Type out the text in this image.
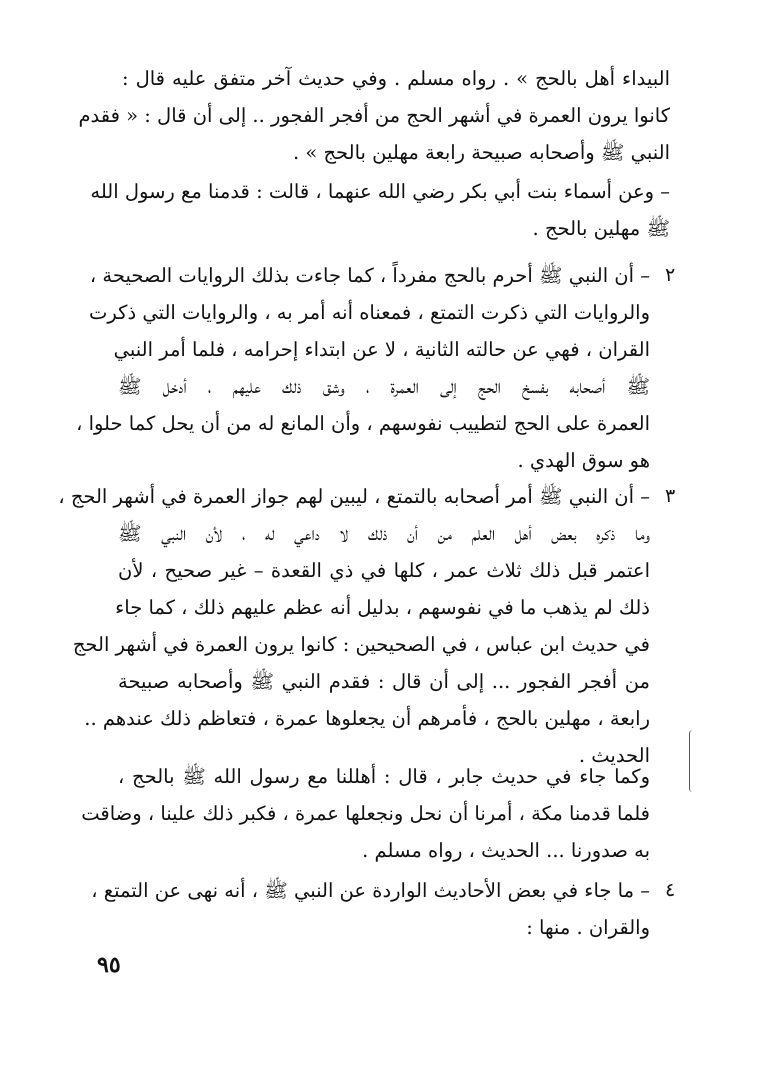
البيداء أهل بالحج » . رواه مسلم . وفي حديث آخر متفق عليه قال :
كانوا يرون العمرة في أشهر الحج من أفجر الفجور .. إلى أن قال : « فقدم
النبي ﷺ وأصحابه صبيحة رابعة مهلين بالحج » .
– وعن أسماء بنت أبي بكر رضي الله عنهما ، قالت : قدمنا مع رسول الله
ﷺ مهلين بالحج .
٢
– أن النبي ﷺ أحرم بالحج مفرداً ، كما جاءت بذلك الروايات الصحيحة ،
والروايات التي ذكرت التمتع ، فمعناه أنه أمر به ، والروايات التي ذكرت
القران ، فهي عن حالته الثانية ، لا عن ابتداء إحرامه ، فلما أمر النبي
ﷺ أصحابه بفسخ الحج إلى العمرة ، وشق ذلك عليهم ، أدخل ﷺ
العمرة على الحج لتطييب نفوسهم ، وأن المانع له من أن يحل كما حلوا ،
هو سوق الهدي .
٣
– أن النبي ﷺ أمر أصحابه بالتمتع ، ليبين لهم جواز العمرة في أشهر الحج ،
وما ذكره بعض أهل العلم من أن ذلك لا داعي له ، لأن النبي ﷺ
اعتمر قبل ذلك ثلاث عمر ، كلها في ذي القعدة – غير صحيح ، لأن
ذلك لم يذهب ما في نفوسهم ، بدليل أنه عظم عليهم ذلك ، كما جاء
في حديث ابن عباس ، في الصحيحين : كانوا يرون العمرة في أشهر الحج
من أفجر الفجور ... إلى أن قال : فقدم النبي ﷺ وأصحابه صبيحة
رابعة ، مهلين بالحج ، فأمرهم أن يجعلوها عمرة ، فتعاظم ذلك عندهم ..
الحديث .
وكما جاء في حديث جابر ، قال : أهللنا مع رسول الله ﷺ بالحج ،
فلما قدمنا مكة ، أمرنا أن نحل ونجعلها عمرة ، فكبر ذلك علينا ، وضاقت
به صدورنا ... الحديث ، رواه مسلم .
٤
– ما جاء في بعض الأحاديث الواردة عن النبي ﷺ ، أنه نهى عن التمتع ،
والقران . منها :
٩٥
